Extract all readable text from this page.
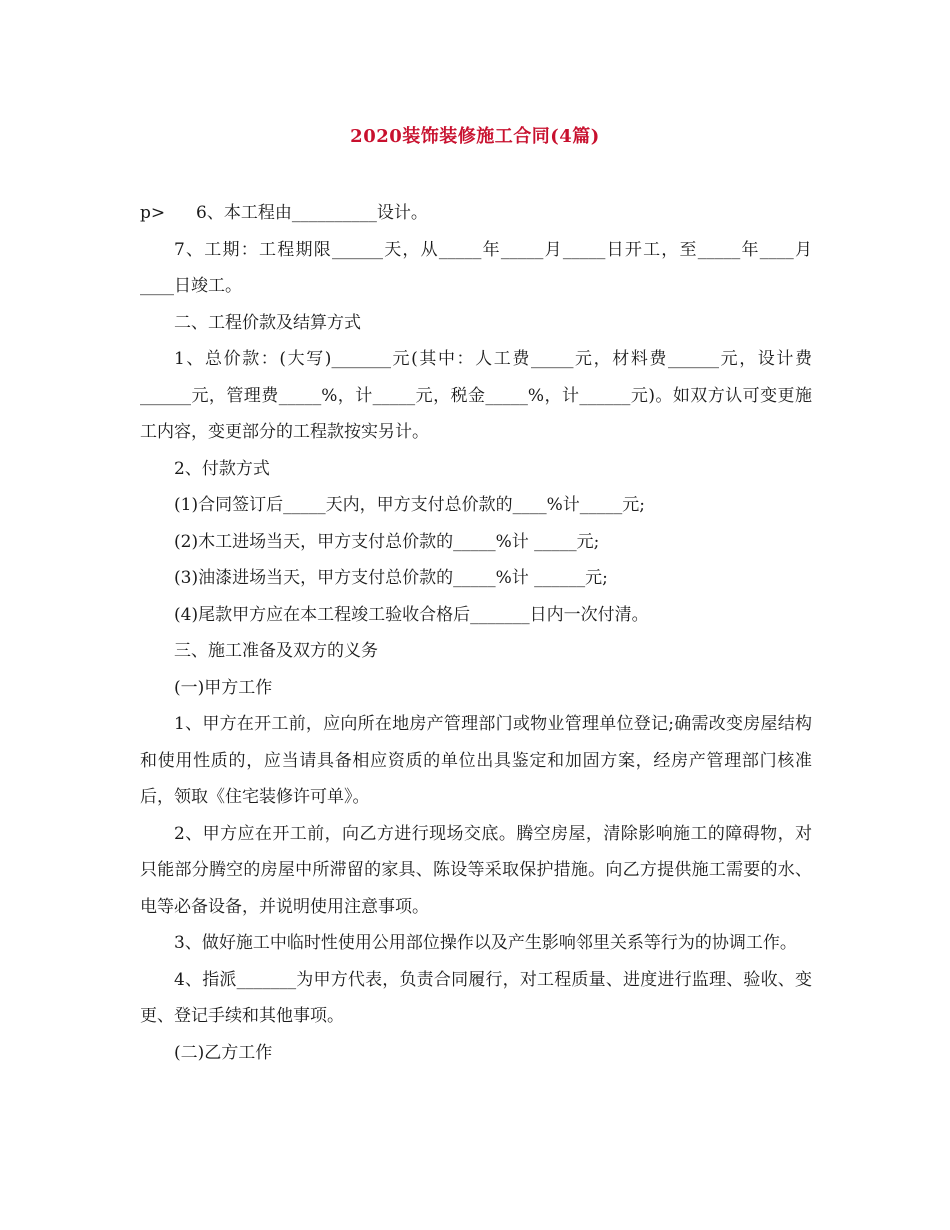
2020装饰装修施工合同(4篇)

p> 6、本工程由__________设计。

7、工期：工程期限______天，从_____年_____月_____日开工，至_____年____月____日竣工。

二、工程价款及结算方式

1、总价款：(大写)_______元(其中：人工费_____元，材料费______元，设计费 ______元，管理费_____%，计_____元，税金_____%，计______元)。如双方认可变更施工内容，变更部分的工程款按实另计。

2、付款方式

(1)合同签订后_____天内，甲方支付总价款的____%计_____元;

(2)木工进场当天，甲方支付总价款的_____%计 _____元;

(3)油漆进场当天，甲方支付总价款的_____%计 ______元;

(4)尾款甲方应在本工程竣工验收合格后_______日内一次付清。

三、施工准备及双方的义务

(一)甲方工作

1、甲方在开工前，应向所在地房产管理部门或物业管理单位登记;确需改变房屋结构和使用性质的，应当请具备相应资质的单位出具鉴定和加固方案，经房产管理部门核准后，领取《住宅装修许可单》。

2、甲方应在开工前，向乙方进行现场交底。腾空房屋，清除影响施工的障碍物，对只能部分腾空的房屋中所滞留的家具、陈设等采取保护措施。向乙方提供施工需要的水、电等必备设备，并说明使用注意事项。

3、做好施工中临时性使用公用部位操作以及产生影响邻里关系等行为的协调工作。

4、指派_______为甲方代表，负责合同履行，对工程质量、进度进行监理、验收、变更、登记手续和其他事项。

(二)乙方工作
